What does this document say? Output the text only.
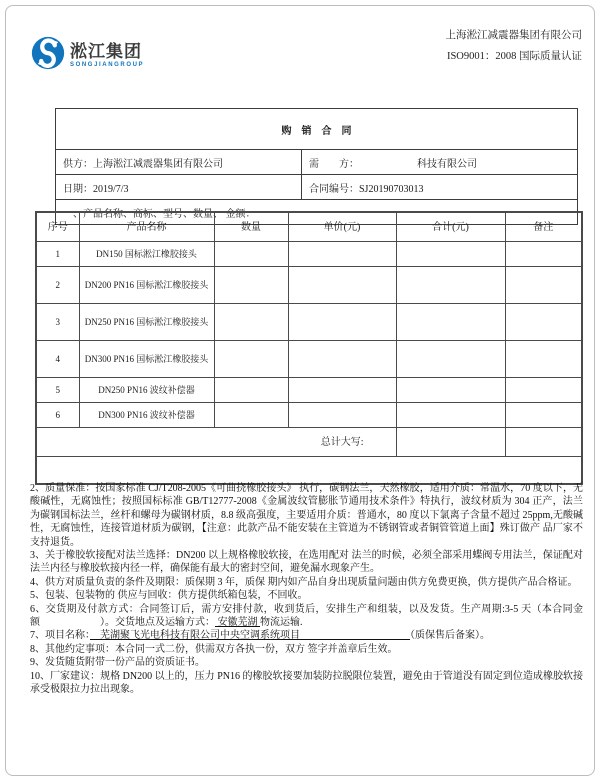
淞江集团
SONGJIANGROUP
上海淞江减震器集团有限公司
ISO9001：2008 国际质量认证
购销合同	
供方：上海淞江减震器集团有限公司	需　　方： 科技有限公司
日期：2019/7/3	合同编号：SJ20190703013
一、产品名称、商标、型号、数量、 金额：	
序号	产品名称	数量	单价(元)	合计(元)	备注
1	DN150 国标淞江橡胶接头				
2	DN200 PN16 国标淞江橡胶接头				
3	DN250 PN16 国标淞江橡胶接头				
4	DN300 PN16 国标淞江橡胶接头				
5	DN250 PN16 波纹补偿器				
6	DN300 PN16 波纹补偿器				
总计大写:					

2、质量保准：按国家标准 CJ/T208-2005《可曲挠橡胶接头》 执行，碳钢法兰，天然橡胶，适用介质：常温水，70 度以下，无酸碱性，无腐蚀性；按照国标标准 GB/T12777-2008《金属波纹管膨胀节通用技术条件》特执行，波纹材质为 304 正产，法兰为碳钢国标法兰，丝杆和螺母为碳钢材质，8.8 级高强度，主要适用介质：普通水，80 度以下氯离子含量不超过 25ppm,无酸碱性，无腐蚀性，连接管道材质为碳钢，【注意：此款产品不能安装在主管道为不锈钢管或者铜管管道上面】殊订做产 品厂家不支持退货。

3、关于橡胶软接配对法兰选择：DN200 以上规格橡胶软接，在选用配对 法兰的时候，必须全部采用蝶阀专用法兰，保证配对法兰内径与橡胶软接内径一样，确保能有最大的密封空间，避免漏水现象产生。

4、供方对质量负责的条件及期限：质保期 3 年，质保 期内如产品自身出现质量问题由供方免费更换，供方提供产品合格证。

5、包装、包装物的 供应与回收：供方提供纸箱包装，不回收。

6、交货期及付款方式：合同签订后，需方安排付款，收到货后，安排生产和组装，以及发货。生产周期:3-5 天（本合同金额　　　　　　）。交货地点及运输方式： 安徽芜湖 物流运输.

7、项目名称：　芜湖聚飞光电科技有限公司中央空调系统项目　　　　　　　　　　　（质保售后备案）。

8、其他约定事项：本合同一式二份，供需双方各执一份，双方 签字并盖章后生效。

9、发货随货附带一份产品的资质证书。

10、厂家建议：规格 DN200 以上的，压力 PN16 的橡胶软接要加装防拉脱限位装置，避免由于管道没有固定到位造成橡胶软接 承受极限拉力拉出现象。
